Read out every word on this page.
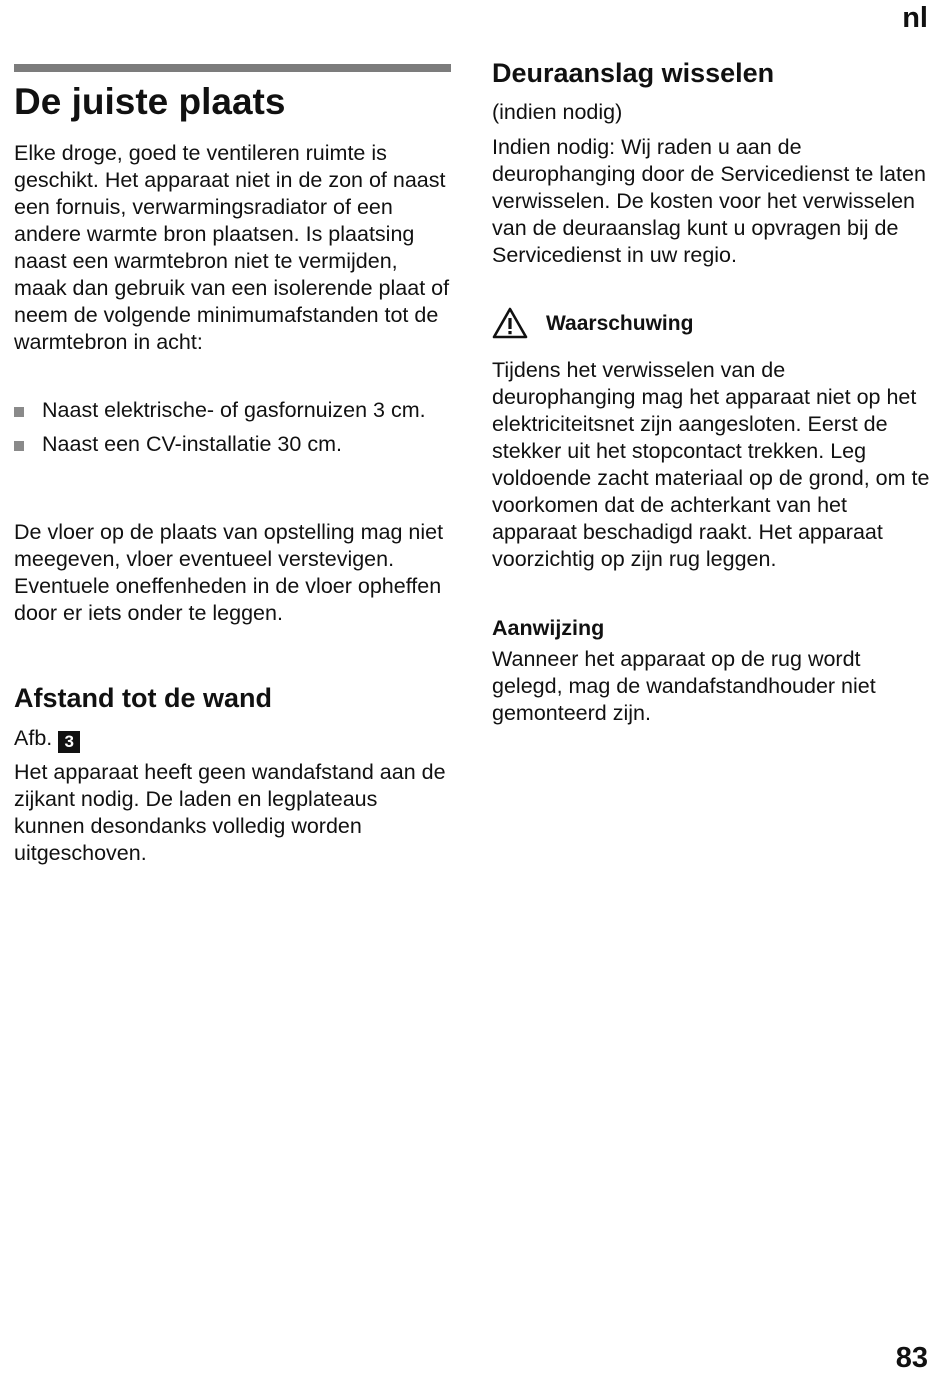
nl
De juiste plaats

Elke droge, goed te ventileren ruimte is geschikt. Het apparaat niet in de zon of naast een fornuis, verwarmingsradiator of een andere warmte bron plaatsen. Is plaatsing naast een warmtebron niet te vermijden, maak dan gebruik van een isolerende plaat of neem de volgende minimumafstanden tot de warmtebron in acht:

Naast elektrische- of gasfornuizen 3 cm.
Naast een CV-installatie 30 cm.

De vloer op de plaats van opstelling mag niet meegeven, vloer eventueel verstevigen. Eventuele oneffenheden in de vloer opheffen door er iets onder te leggen.

Afstand tot de wand

Afb. 3

Het apparaat heeft geen wandafstand aan de zijkant nodig. De laden en legplateaus kunnen desondanks volledig worden uitgeschoven.

Deuraanslag wisselen

(indien nodig)

Indien nodig: Wij raden u aan de deurophanging door de Servicedienst te laten verwisselen. De kosten voor het verwisselen van de deuraanslag kunt u opvragen bij de Servicedienst in uw regio.

Waarschuwing

Tijdens het verwisselen van de deurophanging mag het apparaat niet op het elektriciteitsnet zijn aangesloten. Eerst de stekker uit het stopcontact trekken. Leg voldoende zacht materiaal op de grond, om te voorkomen dat de achterkant van het apparaat beschadigd raakt. Het apparaat voorzichtig op zijn rug leggen.

Aanwijzing

Wanneer het apparaat op de rug wordt gelegd, mag de wandafstandhouder niet gemonteerd zijn.

83
